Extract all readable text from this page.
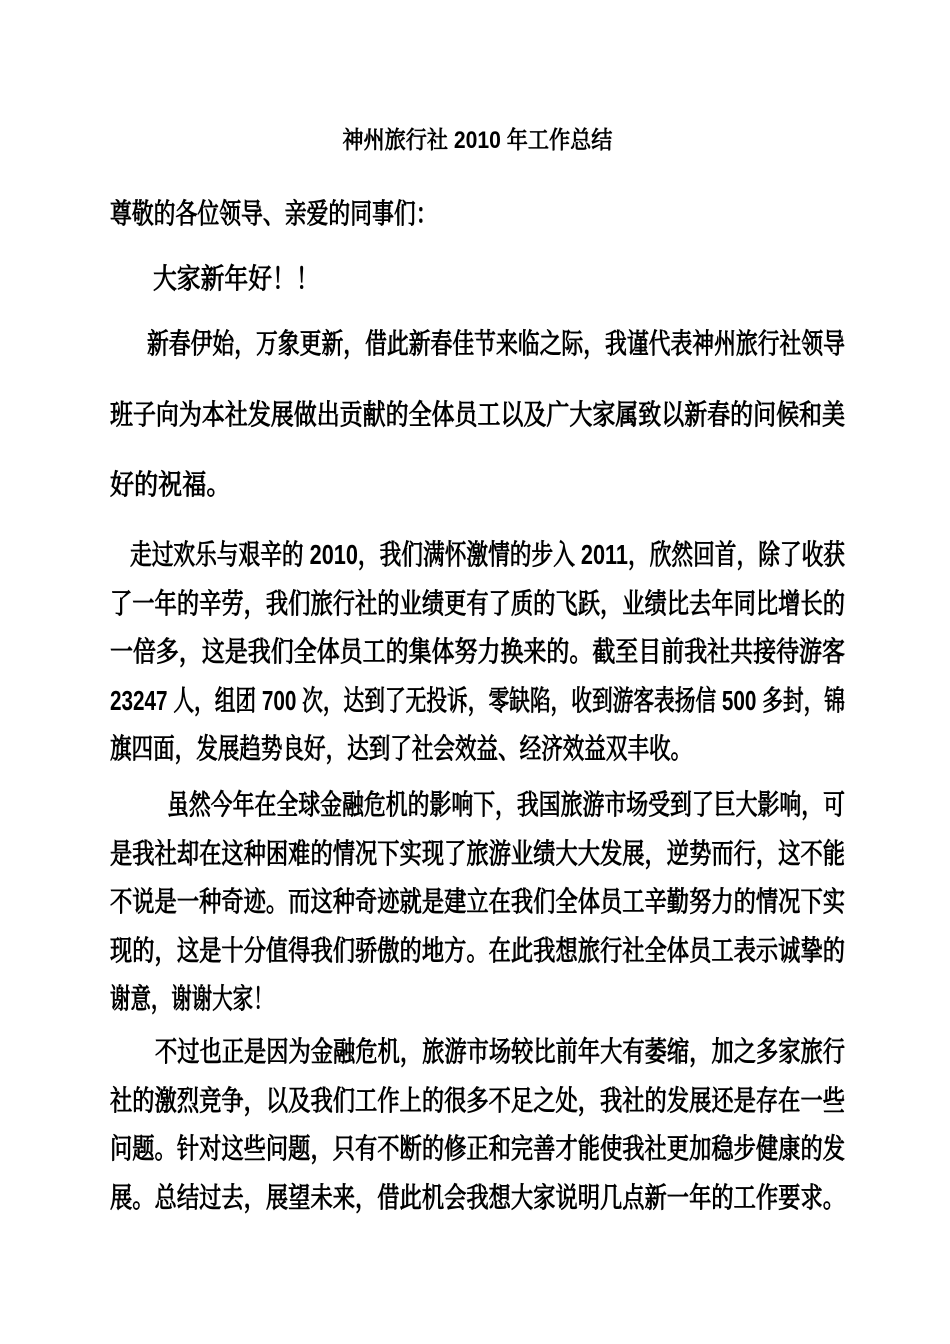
神州旅行社 2010 年工作总结
尊敬的各位领导、亲爱的同事们：
大家新年好！！
新春伊始，万象更新，借此新春佳节来临之际，我谨代表神州旅行社领导
班子向为本社发展做出贡献的全体员工以及广大家属致以新春的问候和美
好的祝福。
走过欢乐与艰辛的 2010，我们满怀激情的步入 2011，欣然回首，除了收获
了一年的辛劳，我们旅行社的业绩更有了质的飞跃，业绩比去年同比增长的
一倍多，这是我们全体员工的集体努力换来的。截至目前我社共接待游客
23247 人，组团 700 次，达到了无投诉，零缺陷，收到游客表扬信 500 多封，锦
旗四面，发展趋势良好，达到了社会效益、经济效益双丰收。
虽然今年在全球金融危机的影响下，我国旅游市场受到了巨大影响，可
是我社却在这种困难的情况下实现了旅游业绩大大发展，逆势而行，这不能
不说是一种奇迹。而这种奇迹就是建立在我们全体员工辛勤努力的情况下实
现的，这是十分值得我们骄傲的地方。在此我想旅行社全体员工表示诚挚的
谢意，谢谢大家！
不过也正是因为金融危机，旅游市场较比前年大有萎缩，加之多家旅行
社的激烈竞争，以及我们工作上的很多不足之处，我社的发展还是存在一些
问题。针对这些问题，只有不断的修正和完善才能使我社更加稳步健康的发
展。总结过去，展望未来，借此机会我想大家说明几点新一年的工作要求。
